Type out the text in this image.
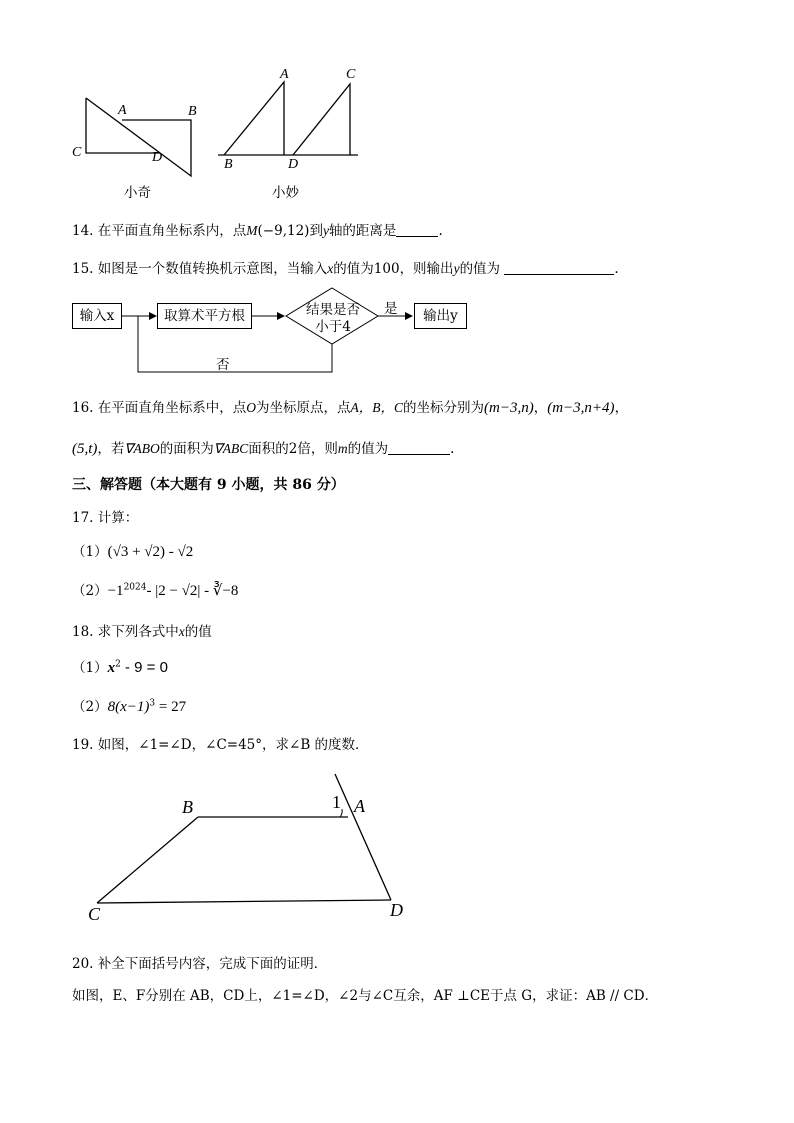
A	B
C	D
A	C
B	D
小奇	小妙
14. 在平面直角坐标系内，点M(−9,12)到y轴的距离是	.
15. 如图是一个数值转换机示意图，当输入x的值为100，则输出y的值为	.
输入x	取算术平方根	结果是否
小于4
是	输出y
否
16. 在平面直角坐标系中，点O为坐标原点，点A，B，C的坐标分别为(m−3,n)，(m−3,n+4)，
(5,t)，若∇ABO的面积为∇ABC面积的2倍，则m的值为	.
三、解答题（本大题有 9 小题，共 86 分）
17. 计算：
（1）(√3 + √2) - √2
$(2)-1^{2024}-$ |2 − √2| - ∛−8
18. 求下列各式中x的值
$(1)x^2 - 9 = 0$
$(2)8(x-1)^3 = 27$
19. 如图，∠1=∠D，∠C=45°，求∠B 的度数．
B	1 A
C	D
20. 补全下面括号内容，完成下面的证明．
如图，E、F分别在 AB，CD上，∠1=∠D，∠2与∠C互余，AF ⊥CE于点 G，求证：AB // CD．
